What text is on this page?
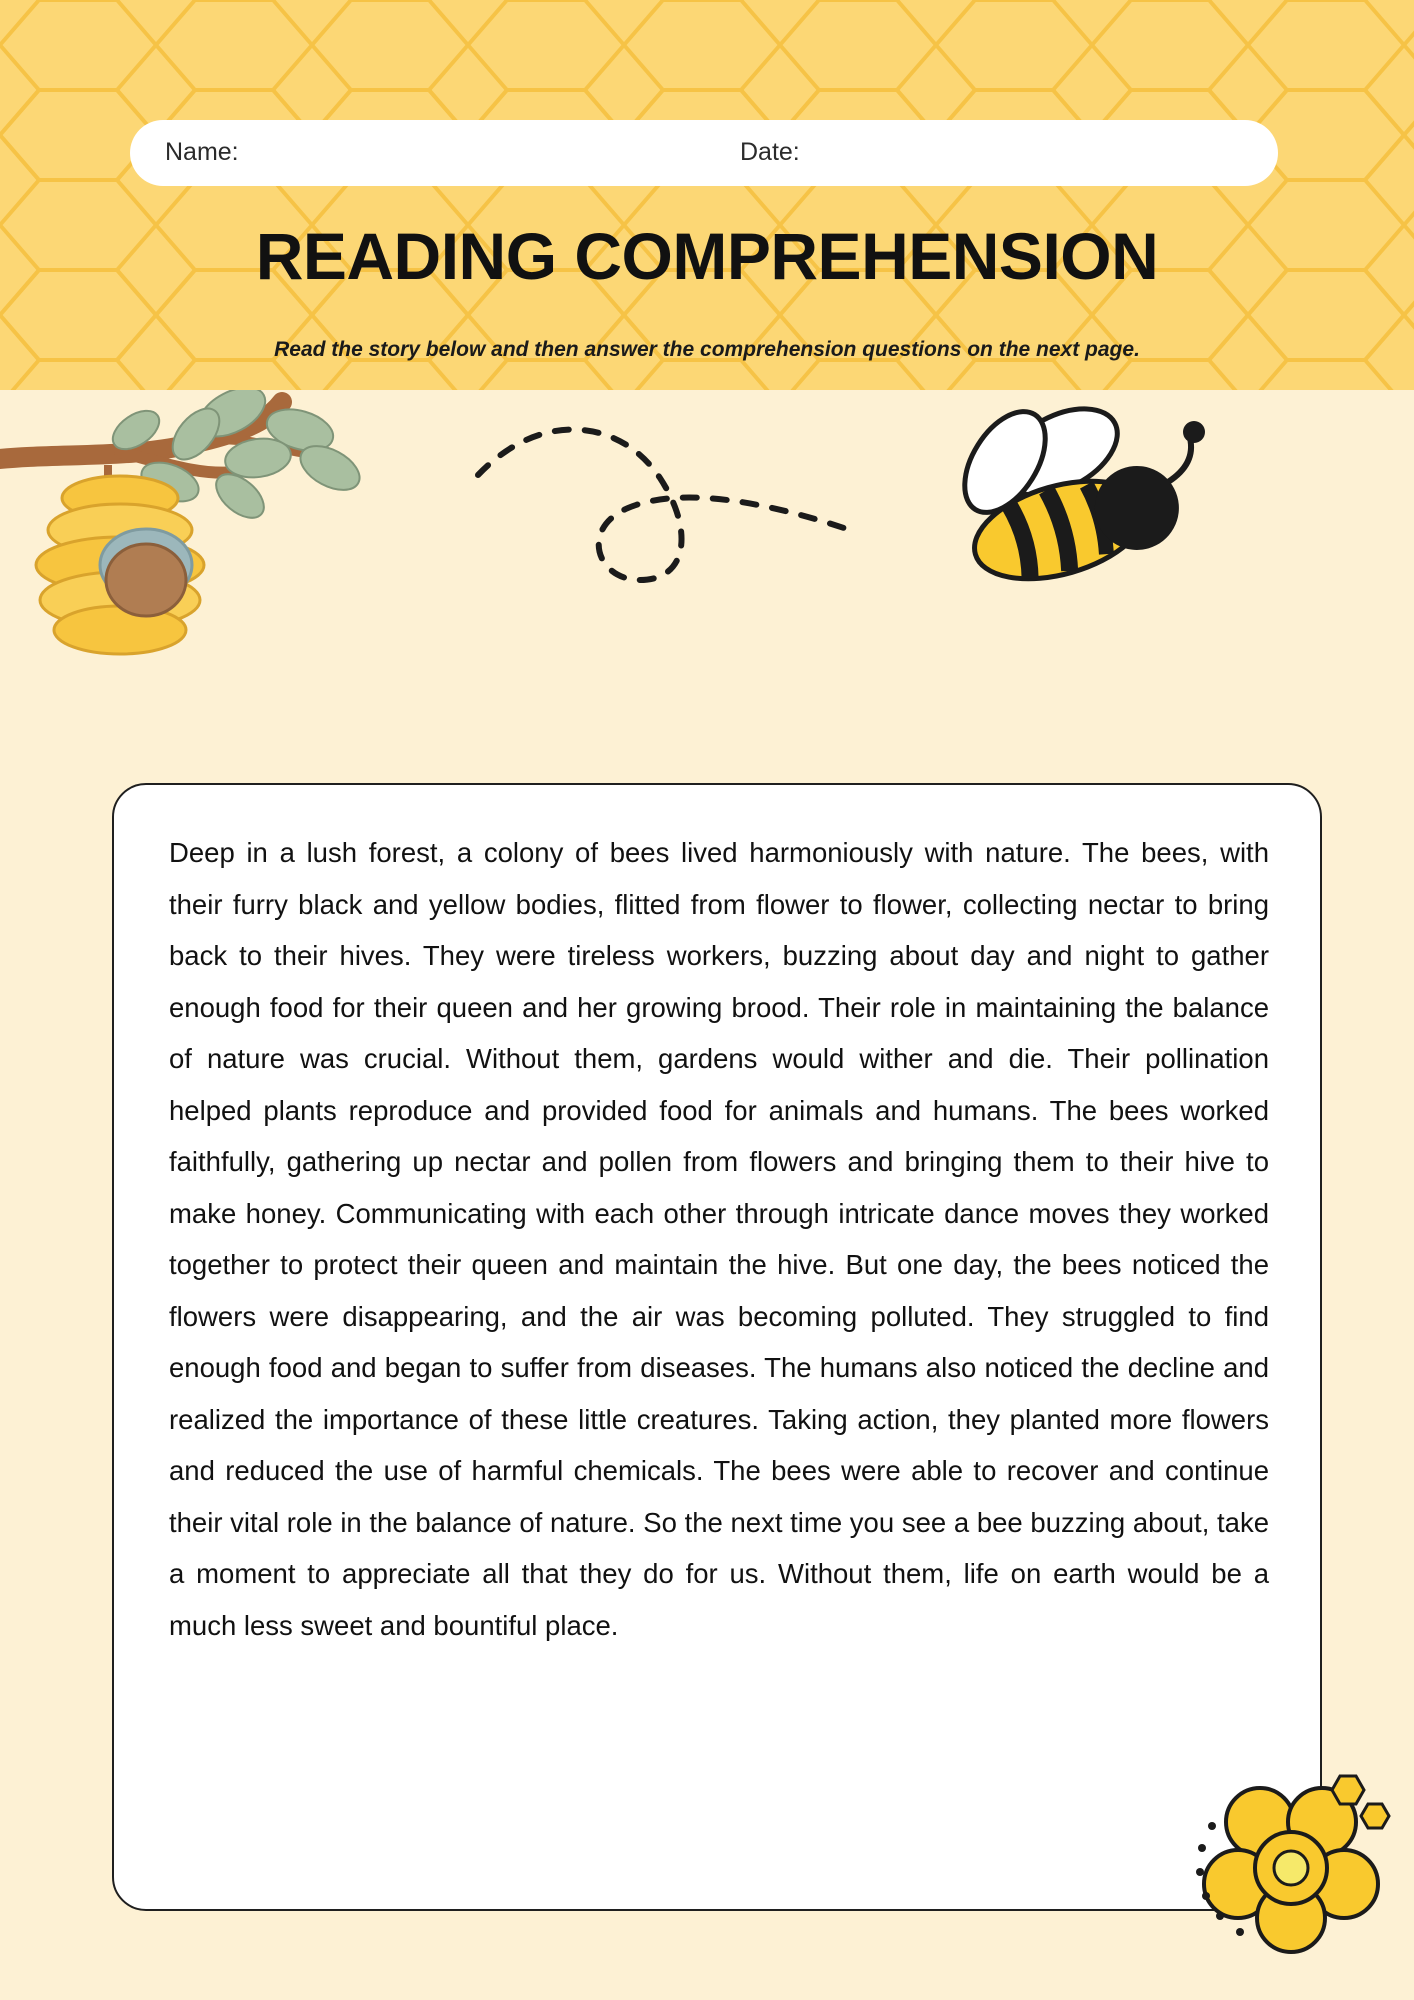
Name:	Date:
READING COMPREHENSION
Read the story below and then answer the comprehension questions on the next page.
Deep in a lush forest, a colony of bees lived harmoniously with nature. The bees, with their furry black and yellow bodies, flitted from flower to flower, collecting nectar to bring back to their hives. They were tireless workers, buzzing about day and night to gather enough food for their queen and her growing brood. Their role in maintaining the balance of nature was crucial. Without them, gardens would wither and die. Their pollination helped plants reproduce and provided food for animals and humans. The bees worked faithfully, gathering up nectar and pollen from flowers and bringing them to their hive to make honey. Communicating with each other through intricate dance moves they worked together to protect their queen and maintain the hive. But one day, the bees noticed the flowers were disappearing, and the air was becoming polluted. They struggled to find enough food and began to suffer from diseases. The humans also noticed the decline and realized the importance of these little creatures. Taking action, they planted more flowers and reduced the use of harmful chemicals. The bees were able to recover and continue their vital role in the balance of nature. So the next time you see a bee buzzing about, take a moment to appreciate all that they do for us. Without them, life on earth would be a much less sweet and bountiful place.
